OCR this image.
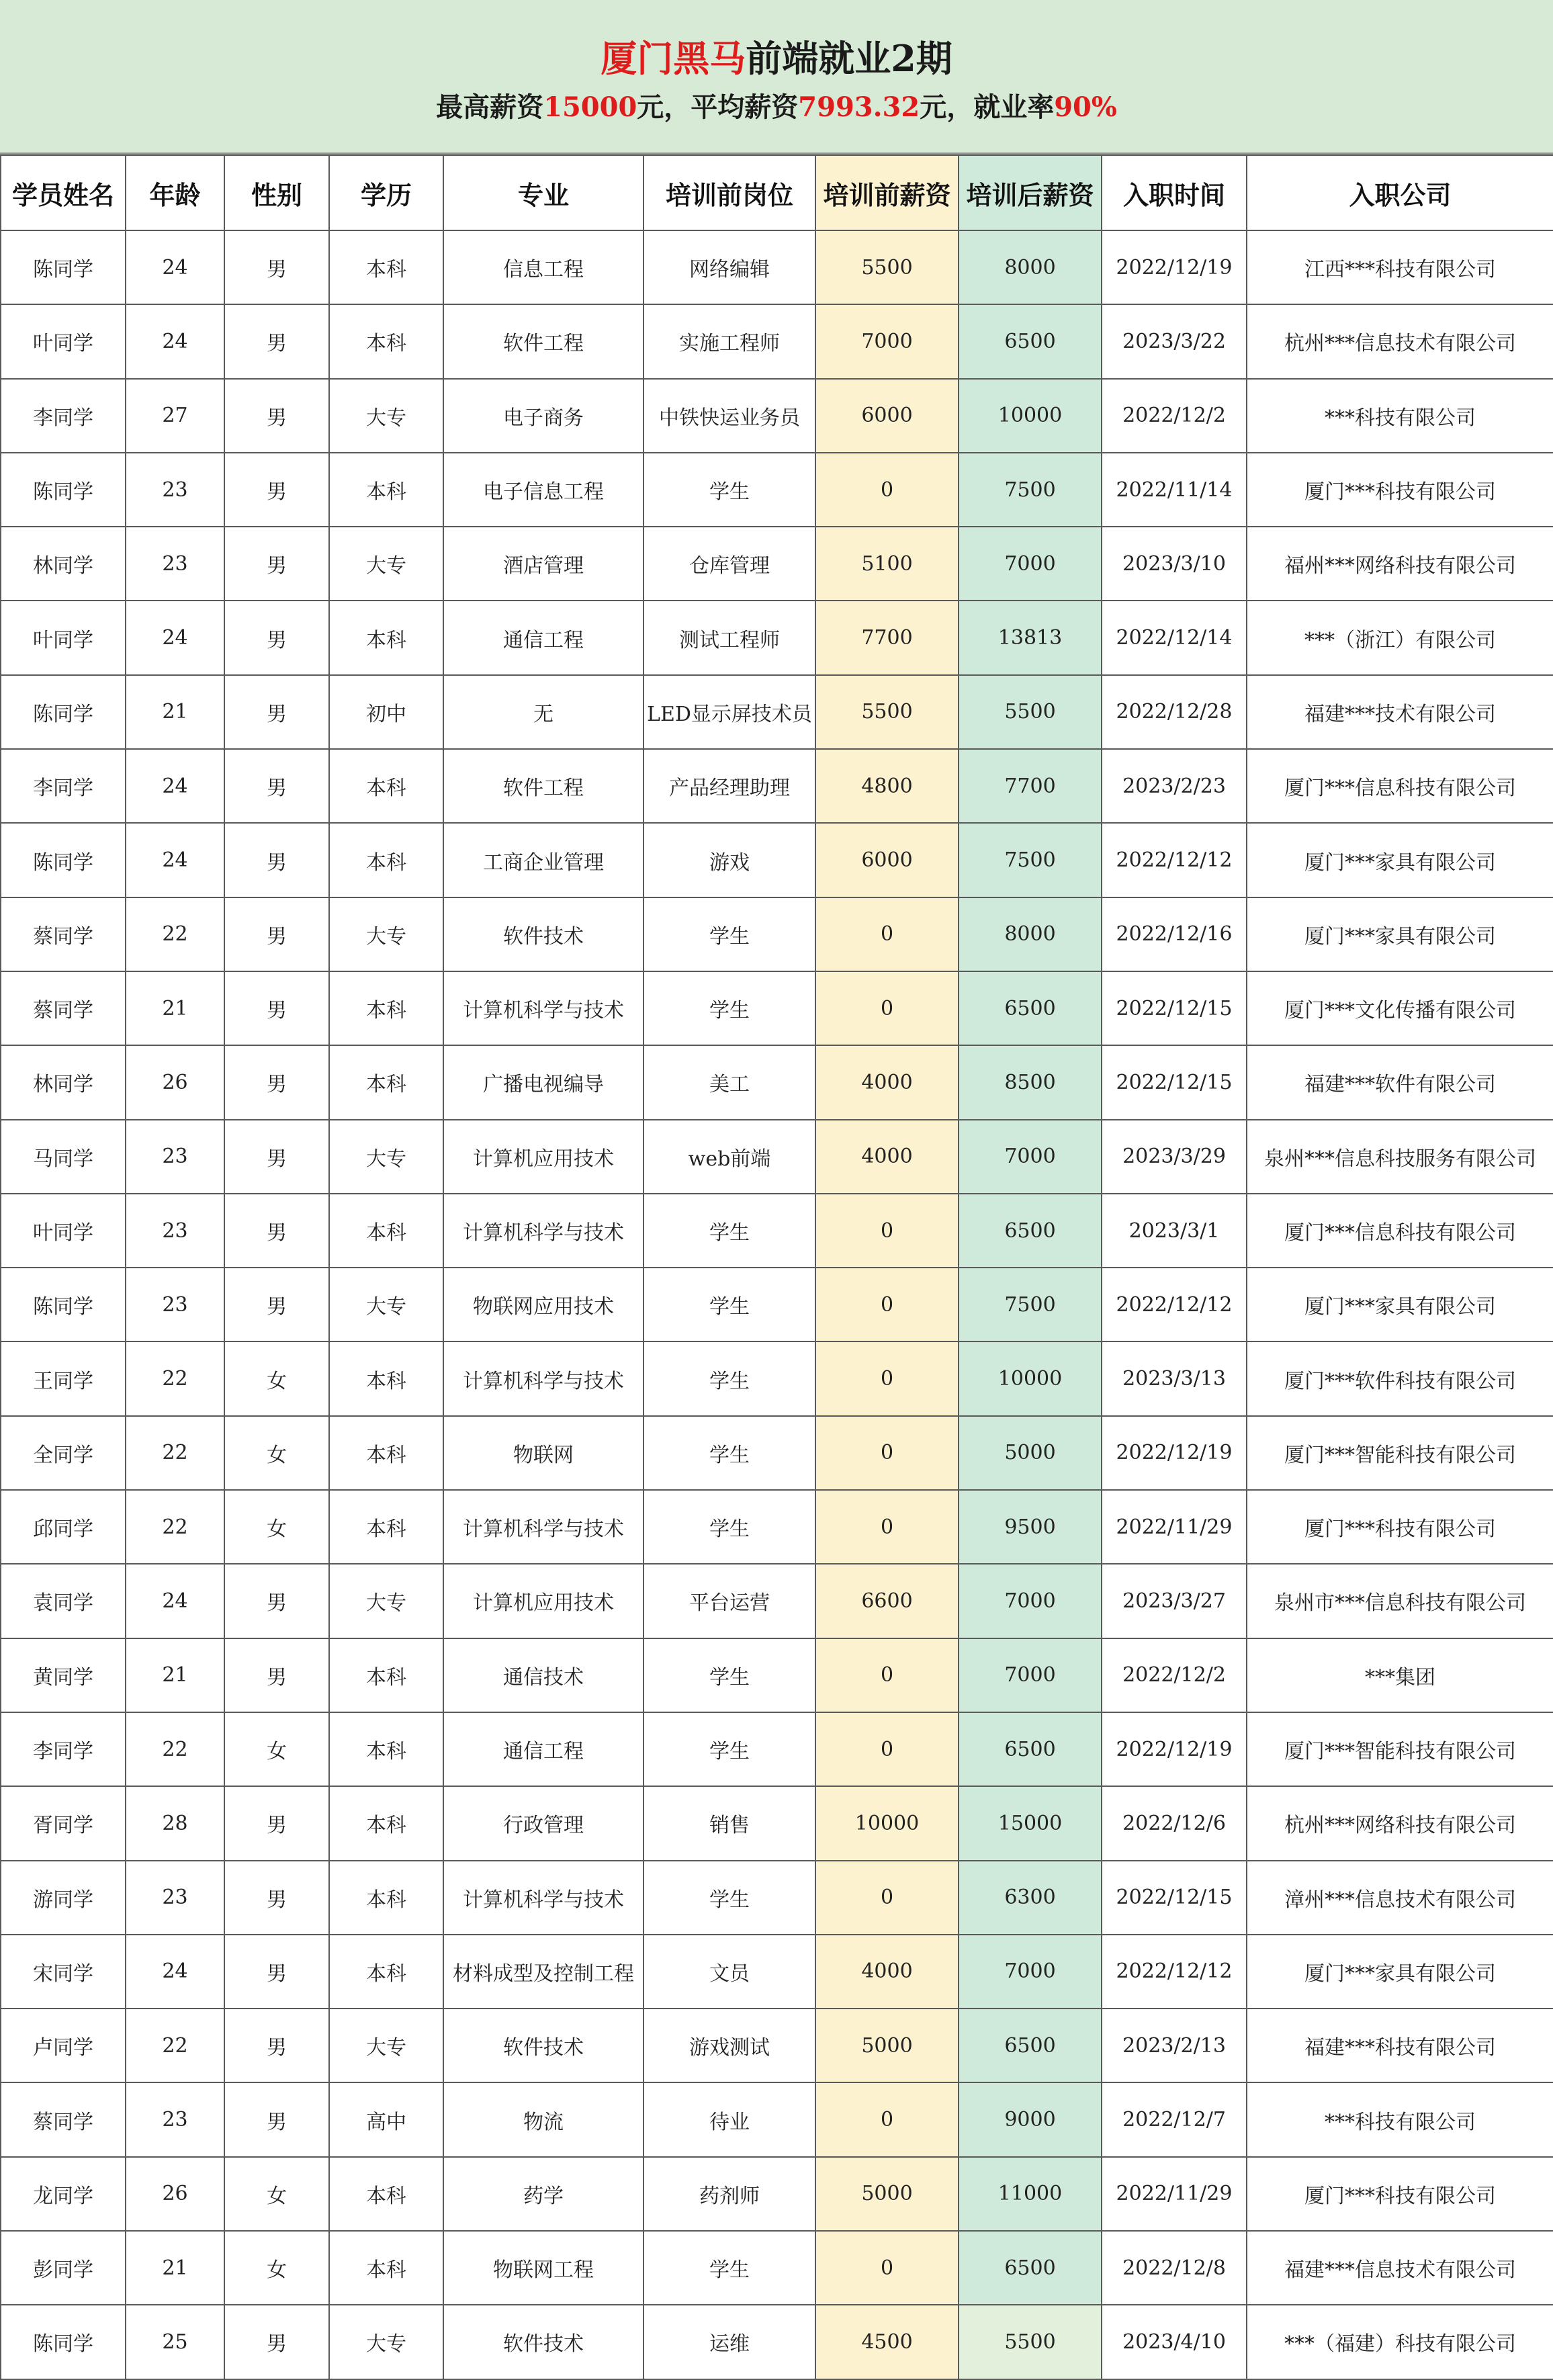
厦门黑马前端就业2期
最高薪资15000元，平均薪资7993.32元，就业率90%
学员姓名	年龄	性别	学历	专业	培训前岗位	培训前薪资	培训后薪资	入职时间	入职公司
陈同学	24	男	本科	信息工程	网络编辑	5500	8000	2022/12/19	江西***科技有限公司
叶同学	24	男	本科	软件工程	实施工程师	7000	6500	2023/3/22	杭州***信息技术有限公司
李同学	27	男	大专	电子商务	中铁快运业务员	6000	10000	2022/12/2	***科技有限公司
陈同学	23	男	本科	电子信息工程	学生	0	7500	2022/11/14	厦门***科技有限公司
林同学	23	男	大专	酒店管理	仓库管理	5100	7000	2023/3/10	福州***网络科技有限公司
叶同学	24	男	本科	通信工程	测试工程师	7700	13813	2022/12/14	***（浙江）有限公司
陈同学	21	男	初中	无	LED显示屏技术员	5500	5500	2022/12/28	福建***技术有限公司
李同学	24	男	本科	软件工程	产品经理助理	4800	7700	2023/2/23	厦门***信息科技有限公司
陈同学	24	男	本科	工商企业管理	游戏	6000	7500	2022/12/12	厦门***家具有限公司
蔡同学	22	男	大专	软件技术	学生	0	8000	2022/12/16	厦门***家具有限公司
蔡同学	21	男	本科	计算机科学与技术	学生	0	6500	2022/12/15	厦门***文化传播有限公司
林同学	26	男	本科	广播电视编导	美工	4000	8500	2022/12/15	福建***软件有限公司
马同学	23	男	大专	计算机应用技术	web前端	4000	7000	2023/3/29	泉州***信息科技服务有限公司
叶同学	23	男	本科	计算机科学与技术	学生	0	6500	2023/3/1	厦门***信息科技有限公司
陈同学	23	男	大专	物联网应用技术	学生	0	7500	2022/12/12	厦门***家具有限公司
王同学	22	女	本科	计算机科学与技术	学生	0	10000	2023/3/13	厦门***软件科技有限公司
全同学	22	女	本科	物联网	学生	0	5000	2022/12/19	厦门***智能科技有限公司
邱同学	22	女	本科	计算机科学与技术	学生	0	9500	2022/11/29	厦门***科技有限公司
袁同学	24	男	大专	计算机应用技术	平台运营	6600	7000	2023/3/27	泉州市***信息科技有限公司
黄同学	21	男	本科	通信技术	学生	0	7000	2022/12/2	***集团
李同学	22	女	本科	通信工程	学生	0	6500	2022/12/19	厦门***智能科技有限公司
胥同学	28	男	本科	行政管理	销售	10000	15000	2022/12/6	杭州***网络科技有限公司
游同学	23	男	本科	计算机科学与技术	学生	0	6300	2022/12/15	漳州***信息技术有限公司
宋同学	24	男	本科	材料成型及控制工程	文员	4000	7000	2022/12/12	厦门***家具有限公司
卢同学	22	男	大专	软件技术	游戏测试	5000	6500	2023/2/13	福建***科技有限公司
蔡同学	23	男	高中	物流	待业	0	9000	2022/12/7	***科技有限公司
龙同学	26	女	本科	药学	药剂师	5000	11000	2022/11/29	厦门***科技有限公司
彭同学	21	女	本科	物联网工程	学生	0	6500	2022/12/8	福建***信息技术有限公司
陈同学	25	男	大专	软件技术	运维	4500	5500	2023/4/10	***（福建）科技有限公司
